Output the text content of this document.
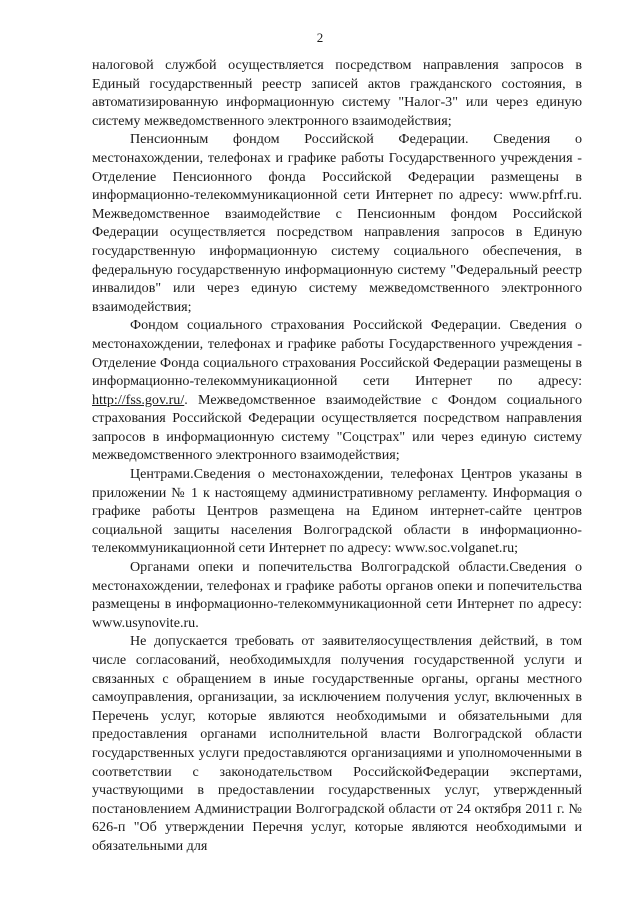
2

налоговой службой осуществляется посредством направления запросов в Единый государственный реестр записей актов гражданского состояния, в автоматизированную информационную систему "Налог-3" или через единую систему межведомственного электронного взаимодействия;

Пенсионным фондом Российской Федерации. Сведения о местонахождении, телефонах и графике работы Государственного учреждения - Отделение Пенсионного фонда Российской Федерации размещены в информационно-телекоммуникационной сети Интернет по адресу: www.pfrf.ru. Межведомственное взаимодействие с Пенсионным фондом Российской Федерации осуществляется посредством направления запросов в Единую государственную информационную систему социального обеспечения, в федеральную государственную информационную систему "Федеральный реестр инвалидов" или через единую систему межведомственного электронного взаимодействия;

Фондом социального страхования Российской Федерации. Сведения о местонахождении, телефонах и графике работы Государственного учреждения - Отделение Фонда социального страхования Российской Федерации размещены в информационно-телекоммуникационной сети Интернет по адресу: http://fss.gov.ru/. Межведомственное взаимодействие с Фондом социального страхования Российской Федерации осуществляется посредством направления запросов в информационную систему "Соцстрах" или через единую систему межведомственного электронного взаимодействия;

Центрами.Сведения о местонахождении, телефонах Центров указаны в приложении № 1 к настоящему административному регламенту. Информация о графике работы Центров размещена на Едином интернет-сайте центров социальной защиты населения Волгоградской области в информационно-телекоммуникационной сети Интернет по адресу: www.soc.volganet.ru;

Органами опеки и попечительства Волгоградской области.Сведения о местонахождении, телефонах и графике работы органов опеки и попечительства размещены в информационно-телекоммуникационной сети Интернет по адресу: www.usynovite.ru.

Не допускается требовать от заявителяосуществления действий, в том числе согласований, необходимыхдля получения государственной услуги и связанных с обращением в иные государственные органы, органы местного самоуправления, организации, за исключением получения услуг, включенных в Перечень услуг, которые являются необходимыми и обязательными для предоставления органами исполнительной власти Волгоградской области государственных услуги предоставляются организациями и уполномоченными в соответствии с законодательством РоссийскойФедерации экспертами, участвующими в предоставлении государственных услуг, утвержденный постановлением Администрации Волгоградской области от 24 октября 2011 г. № 626-п "Об утверждении Перечня услуг, которые являются необходимыми и обязательными для
